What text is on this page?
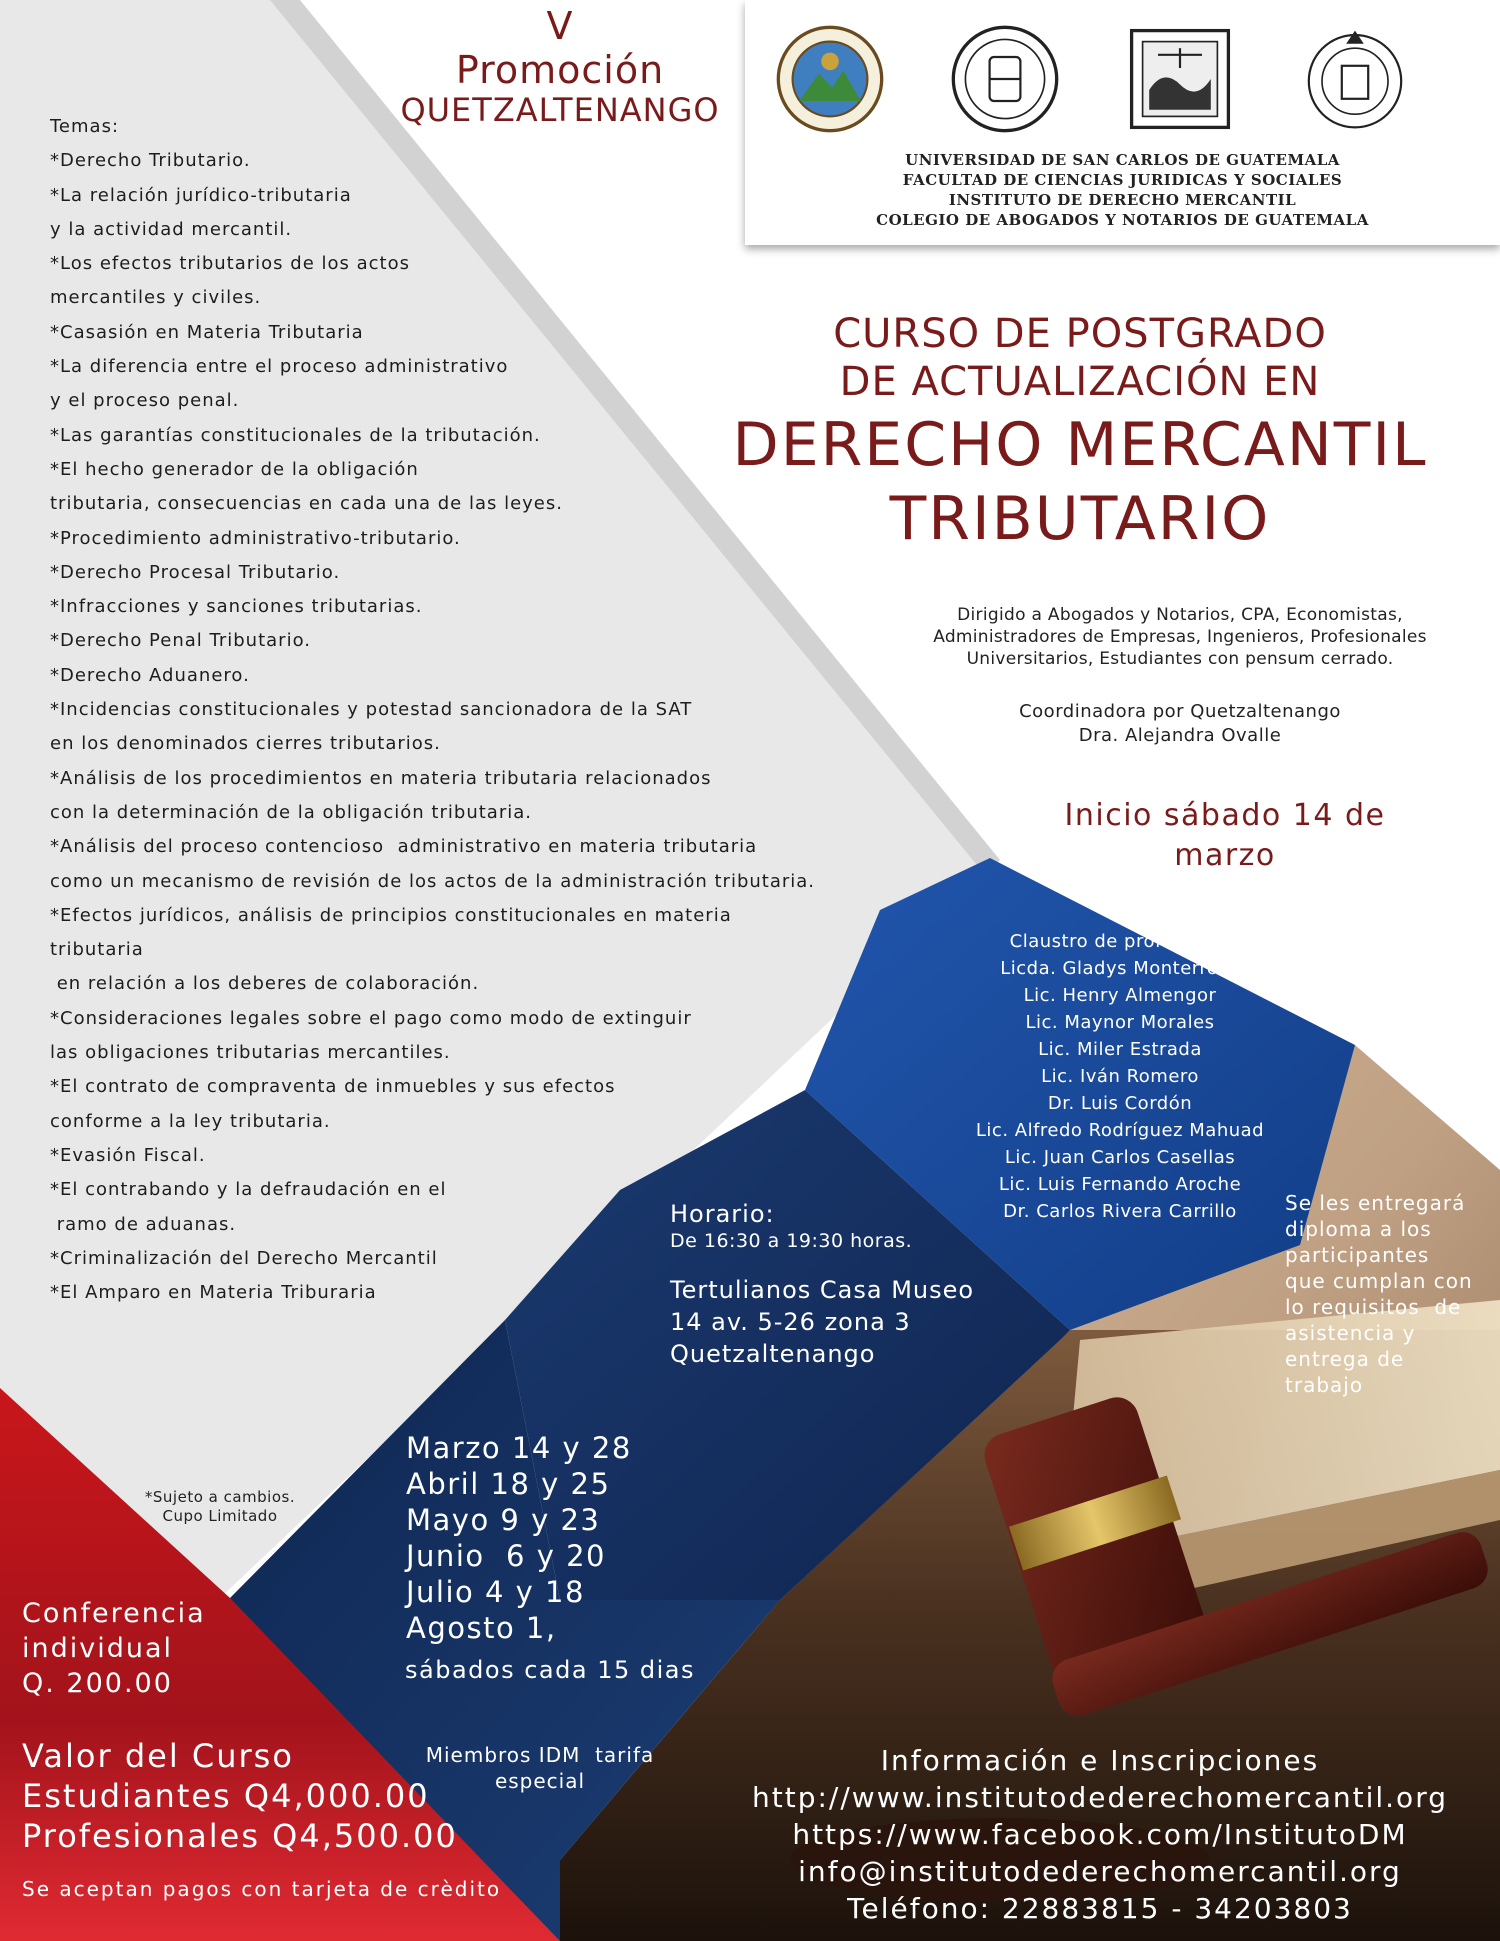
V
Promoción
QUETZALTENANGO
UNIVERSIDAD DE SAN CARLOS DE GUATEMALA
FACULTAD DE CIENCIAS JURIDICAS Y SOCIALES
INSTITUTO DE DERECHO MERCANTIL
COLEGIO DE ABOGADOS Y NOTARIOS DE GUATEMALA
Temas:
*Derecho Tributario.
*La relación jurídico-tributaria
y la actividad mercantil.
*Los efectos tributarios de los actos
mercantiles y civiles.
*Casasión en Materia Tributaria
*La diferencia entre el proceso administrativo
y el proceso penal.
*Las garantías constitucionales de la tributación.
*El hecho generador de la obligación
tributaria, consecuencias en cada una de las leyes.
*Procedimiento administrativo-tributario.
*Derecho Procesal Tributario.
*Infracciones y sanciones tributarias.
*Derecho Penal Tributario.
*Derecho Aduanero.
*Incidencias constitucionales y potestad sancionadora de la SAT
en los denominados cierres tributarios.
*Análisis de los procedimientos en materia tributaria relacionados
con la determinación de la obligación tributaria.
*Análisis del proceso contencioso  administrativo en materia tributaria
como un mecanismo de revisión de los actos de la administración tributaria.
*Efectos jurídicos, análisis de principios constitucionales en materia
tributaria
en relación a los deberes de colaboración.
*Consideraciones legales sobre el pago como modo de extinguir
las obligaciones tributarias mercantiles.
*El contrato de compraventa de inmuebles y sus efectos
conforme a la ley tributaria.
*Evasión Fiscal.
*El contrabando y la defraudación en el
ramo de aduanas.
*Criminalización del Derecho Mercantil
*El Amparo en Materia Triburaria
CURSO DE POSTGRADO
DE ACTUALIZACIÓN EN
DERECHO MERCANTIL
TRIBUTARIO
Dirigido a Abogados y Notarios, CPA, Economistas,
Administradores de Empresas, Ingenieros, Profesionales
Universitarios, Estudiantes con pensum cerrado.
Coordinadora por Quetzaltenango
Dra. Alejandra Ovalle
Inicio sábado 14 de
marzo
Claustro de profesores:
Licda. Gladys Monterroso
Lic. Henry Almengor
Lic. Maynor Morales
Lic. Miler Estrada
Lic. Iván Romero
Dr. Luis Cordón
Lic. Alfredo Rodríguez Mahuad
Lic. Juan Carlos Casellas
Lic. Luis Fernando Aroche
Dr. Carlos Rivera Carrillo
Horario:
De 16:30 a 19:30 horas.
Tertulianos Casa Museo
14 av. 5-26 zona 3
Quetzaltenango
Se les entregará
diploma a los
participantes
que cumplan con
lo requisitos  de
asistencia y
entrega de
trabajo
Marzo 14 y 28
Abril 18 y 25
Mayo 9 y 23
Junio  6 y 20
Julio 4 y 18
Agosto 1,
sábados cada 15 dias
Miembros IDM  tarifa
especial
*Sujeto a cambios.
Cupo Limitado
Conferencia
individual
Q. 200.00
Valor del Curso
Estudiantes Q4,000.00
Profesionales Q4,500.00
Se aceptan pagos con tarjeta de crèdito
Información e Inscripciones
http://www.institutodederechomercantil.org
https://www.facebook.com/InstitutoDM
info@institutodederechomercantil.org
Teléfono: 22883815 - 34203803
